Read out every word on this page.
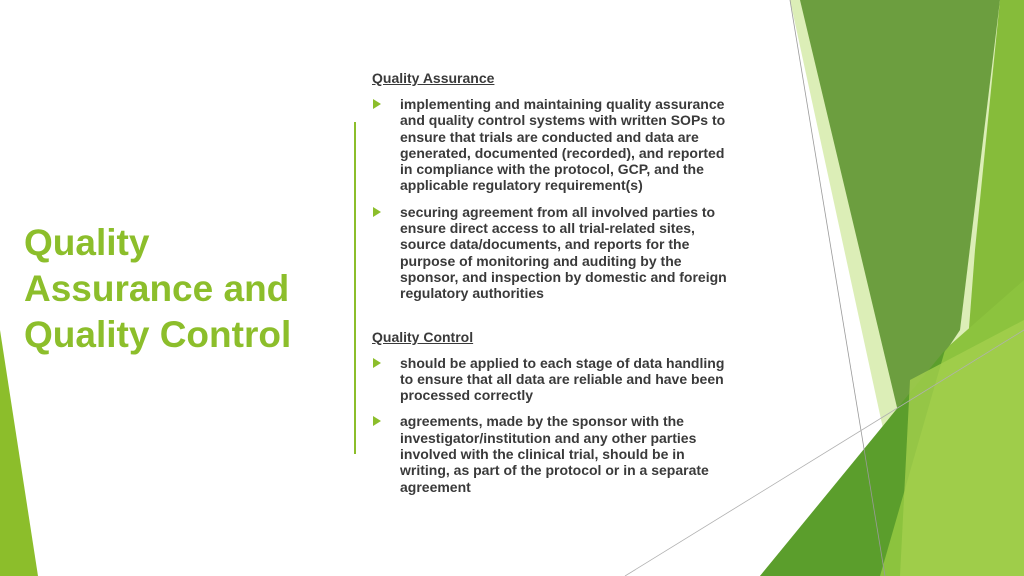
Quality Assurance and Quality Control
Quality Assurance
implementing and maintaining quality assurance and quality control systems with written SOPs to ensure that trials are conducted and data are generated, documented (recorded), and reported in compliance with the protocol, GCP, and the applicable regulatory requirement(s)
securing agreement from all involved parties to ensure direct access to all trial-related sites, source data/documents, and reports for the purpose of monitoring and auditing by the sponsor, and inspection by domestic and foreign regulatory authorities
Quality Control
should be applied to each stage of data handling to ensure that all data are reliable and have been processed correctly
agreements, made by the sponsor with the investigator/institution and any other parties involved with the clinical trial, should be in writing, as part of the protocol or in a separate agreement
